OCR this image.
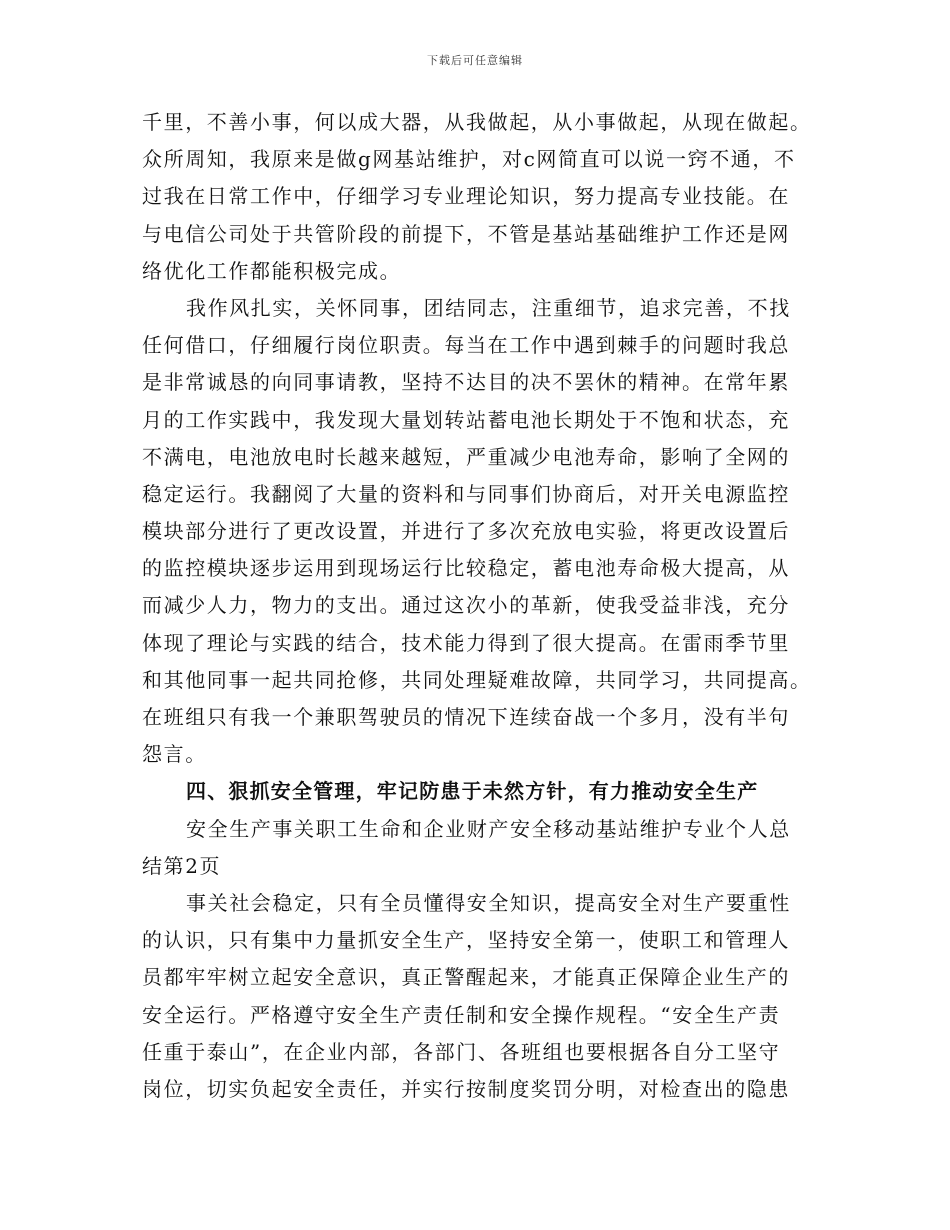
下载后可任意编辑
千里，不善小事，何以成大器，从我做起，从小事做起，从现在做起。
众所周知，我原来是做g网基站维护，对c网简直可以说一窍不通，不
过我在日常工作中，仔细学习专业理论知识，努力提高专业技能。在
与电信公司处于共管阶段的前提下，不管是基站基础维护工作还是网
络优化工作都能积极完成。
我作风扎实，关怀同事，团结同志，注重细节，追求完善，不找
任何借口，仔细履行岗位职责。每当在工作中遇到棘手的问题时我总
是非常诚恳的向同事请教，坚持不达目的决不罢休的精神。在常年累
月的工作实践中，我发现大量划转站蓄电池长期处于不饱和状态，充
不满电，电池放电时长越来越短，严重减少电池寿命，影响了全网的
稳定运行。我翻阅了大量的资料和与同事们协商后，对开关电源监控
模块部分进行了更改设置，并进行了多次充放电实验，将更改设置后
的监控模块逐步运用到现场运行比较稳定，蓄电池寿命极大提高，从
而减少人力，物力的支出。通过这次小的革新，使我受益非浅，充分
体现了理论与实践的结合，技术能力得到了很大提高。在雷雨季节里
和其他同事一起共同抢修，共同处理疑难故障，共同学习，共同提高。
在班组只有我一个兼职驾驶员的情况下连续奋战一个多月，没有半句
怨言。
四、狠抓安全管理，牢记防患于未然方针，有力推动安全生产
安全生产事关职工生命和企业财产安全移动基站维护专业个人总
结第2页
事关社会稳定，只有全员懂得安全知识，提高安全对生产要重性
的认识，只有集中力量抓安全生产，坚持安全第一，使职工和管理人
员都牢牢树立起安全意识，真正警醒起来，才能真正保障企业生产的
安全运行。严格遵守安全生产责任制和安全操作规程。“安全生产责
任重于泰山”，在企业内部，各部门、各班组也要根据各自分工坚守
岗位，切实负起安全责任，并实行按制度奖罚分明，对检查出的隐患
